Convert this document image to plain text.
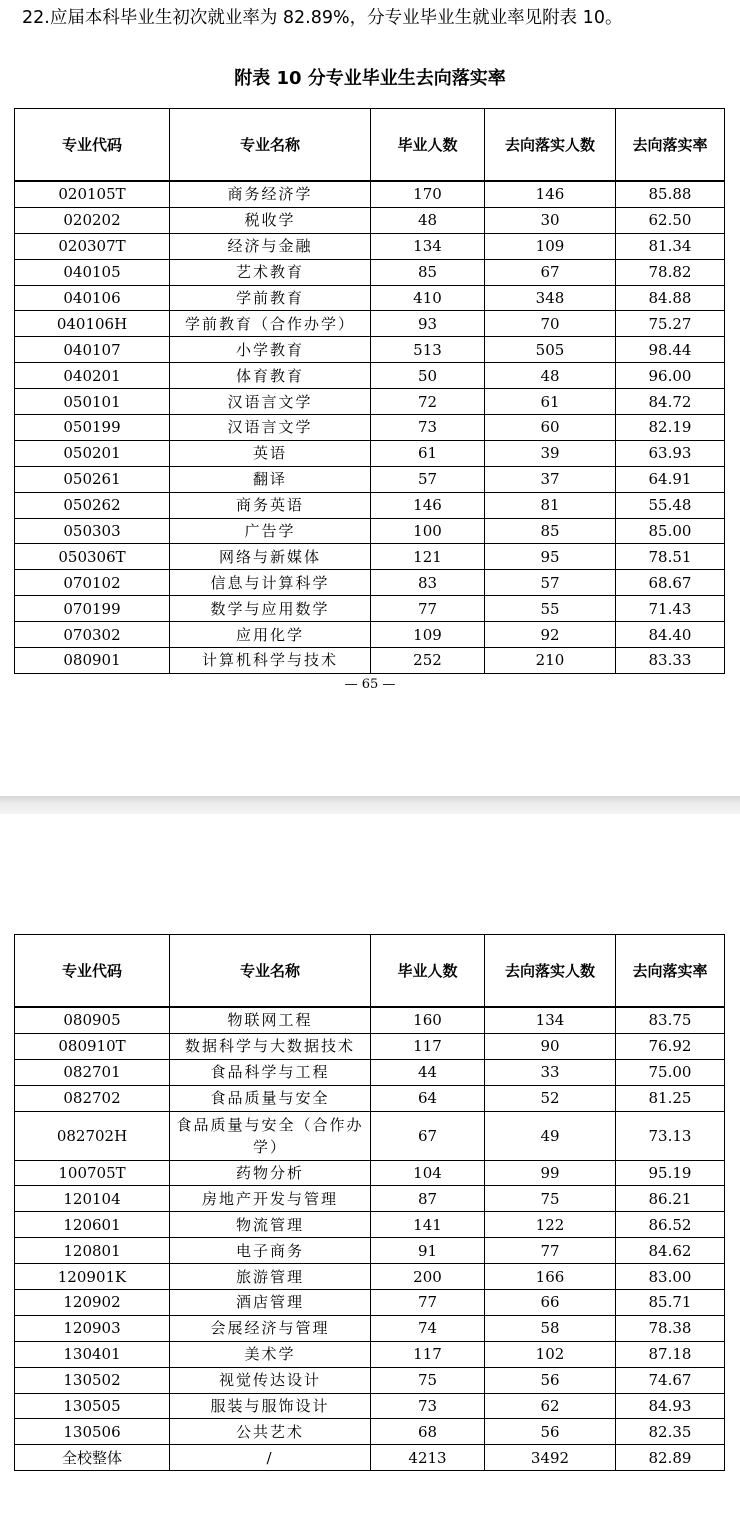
22.应届本科毕业生初次就业率为 82.89%，分专业毕业生就业率见附表 10。
附表 10 分专业毕业生去向落实率
专业代码	专业名称	毕业人数	去向落实人数	去向落实率
020105T	商务经济学	170	146	85.88
020202	税收学	48	30	62.50
020307T	经济与金融	134	109	81.34
040105	艺术教育	85	67	78.82
040106	学前教育	410	348	84.88
040106H	学前教育（合作办学）	93	70	75.27
040107	小学教育	513	505	98.44
040201	体育教育	50	48	96.00
050101	汉语言文学	72	61	84.72
050199	汉语言文学	73	60	82.19
050201	英语	61	39	63.93
050261	翻译	57	37	64.91
050262	商务英语	146	81	55.48
050303	广告学	100	85	85.00
050306T	网络与新媒体	121	95	78.51
070102	信息与计算科学	83	57	68.67
070199	数学与应用数学	77	55	71.43
070302	应用化学	109	92	84.40
080901	计算机科学与技术	252	210	83.33
— 65 —
专业代码	专业名称	毕业人数	去向落实人数	去向落实率
080905	物联网工程	160	134	83.75
080910T	数据科学与大数据技术	117	90	76.92
082701	食品科学与工程	44	33	75.00
082702	食品质量与安全	64	52	81.25
082702H	食品质量与安全（合作办学）	67	49	73.13
100705T	药物分析	104	99	95.19
120104	房地产开发与管理	87	75	86.21
120601	物流管理	141	122	86.52
120801	电子商务	91	77	84.62
120901K	旅游管理	200	166	83.00
120902	酒店管理	77	66	85.71
120903	会展经济与管理	74	58	78.38
130401	美术学	117	102	87.18
130502	视觉传达设计	75	56	74.67
130505	服装与服饰设计	73	62	84.93
130506	公共艺术	68	56	82.35
全校整体	/	4213	3492	82.89
